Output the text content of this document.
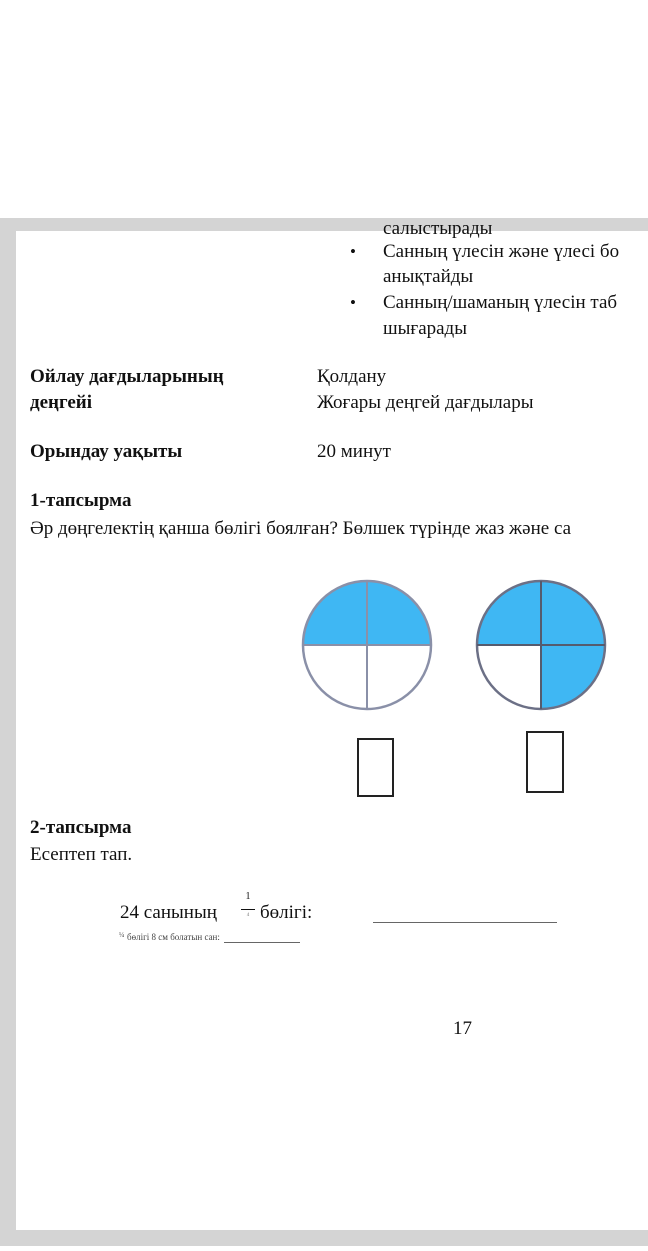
салыстырады
• Санның үлесін және үлесі бо
анықтайды
• Санның/шаманың үлесін таб
шығарады
Ойлау дағдыларының
деңгейі
Қолдану
Жоғары деңгей дағдылары
Орындау уақыты	20 минут
1-тапсырма
Әр дөңгелектің қанша бөлігі боялған? Бөлшек түрінде жаз және са
2-тапсырма
Есептеп тап.
24 санының
1
4 бөлігі:
¼ бөлігі 8 см болатын сан:
17
